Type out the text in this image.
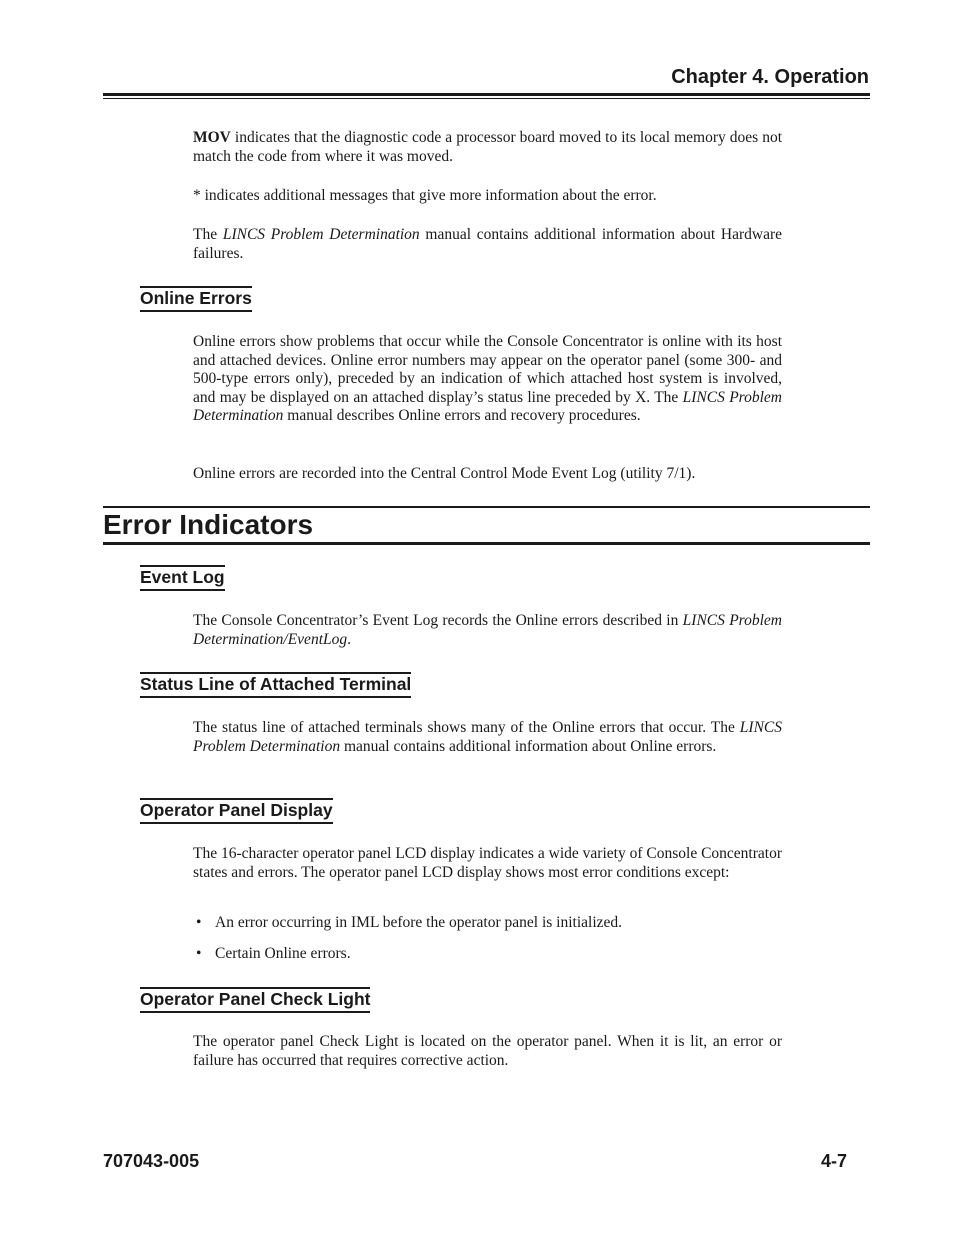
Chapter 4. Operation

MOV indicates that the diagnostic code a processor board moved to its local memory does not match the code from where it was moved.

* indicates additional messages that give more information about the error.

The LINCS Problem Determination manual contains additional information about Hardware failures.

Online Errors

Online errors show problems that occur while the Console Concentrator is online with its host and attached devices. Online error numbers may appear on the operator panel (some 300- and 500-type errors only), preceded by an indication of which attached host system is involved, and may be displayed on an attached display’s status line preceded by X. The LINCS Problem Determination manual describes Online errors and recovery procedures.

Online errors are recorded into the Central Control Mode Event Log (utility 7/1).

Error Indicators
Event Log

The Console Concentrator’s Event Log records the Online errors described in LINCS Problem Determination/EventLog.

Status Line of Attached Terminal

The status line of attached terminals shows many of the Online errors that occur. The LINCS Problem Determination manual contains additional information about Online errors.

Operator Panel Display

The 16-character operator panel LCD display indicates a wide variety of Console Concentrator states and errors. The operator panel LCD display shows most error conditions except:

• An error occurring in IML before the operator panel is initialized.
• Certain Online errors.
Operator Panel Check Light

The operator panel Check Light is located on the operator panel. When it is lit, an error or failure has occurred that requires corrective action.

707043-005	4-7
